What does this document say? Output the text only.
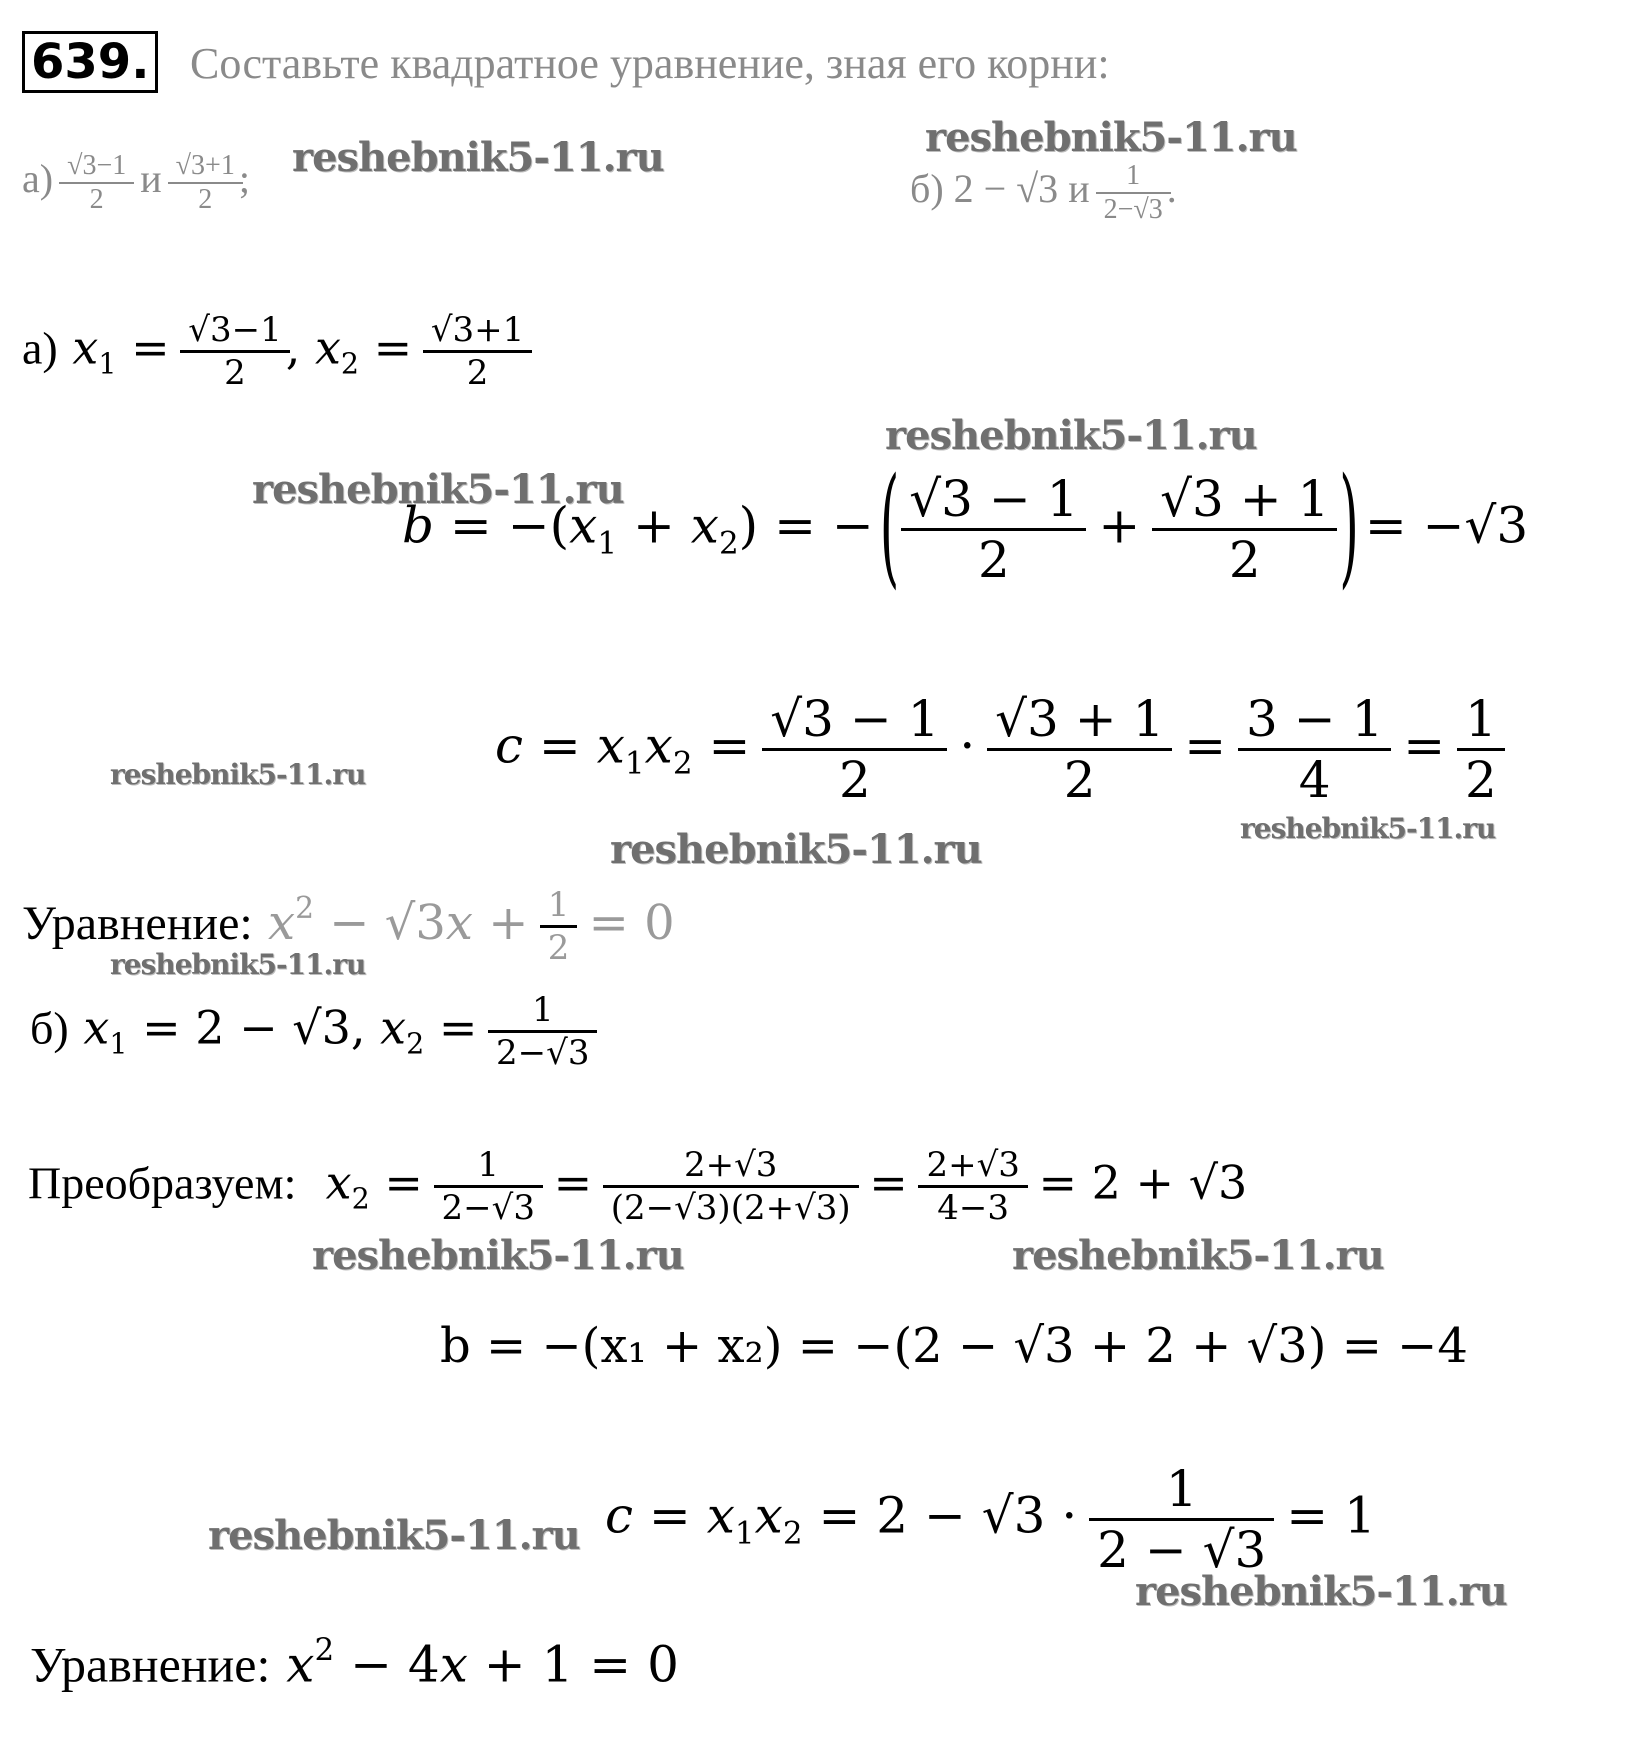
639. Составьте квадратное уравнение, зная его корни:
$а) \frac{√3-1}{2}$ и $\frac{√3+1}{2}$ ;	б) 2 − √3 и $\frac{1}{2-√3}$ .
reshebnik5-11.ru	reshebnik5-11.ru
reshebnik5-11.ru
reshebnik5-11.ru
reshebnik5-11.ru
reshebnik5-11.ru
reshebnik5-11.ru
reshebnik5-11.ru
reshebnik5-11.ru	reshebnik5-11.ru
reshebnik5-11.ru
reshebnik5-11.ru
а) $x_1 = \frac{√3-1}{2}$ , $x_2 = \frac{√3+1}{2}$
$b = -(x_1 + x_2)$ = − ( $\frac{√3 - 1}{2} + \frac{√3 + 1}{2}$ ) = −√3
$c = x_1x_2 = \frac{√3 - 1}{2} \cdot \frac{√3 + 1}{2} = \frac{3 - 1}{4} = \frac{1}{2}$
Уравнение: $x^2 - √3x + \frac{1}{2} = 0$
б) $x_1 = 2 - √3$, $x_2 = \frac{1}{2-√3}$
Преобразуем: $x_2 = \frac{1}{2-√3} = \frac{2+√3}{(2-√3)(2+√3)} = \frac{2+√3}{4-3} = 2 + √3$
b = −(x₁ + x₂) = −(2 − √3 + 2 + √3) = −4
$c = x_1x_2 = 2 - √3 \cdot \frac{1}{2 - √3} = 1$
Уравнение: $x^2 - 4x + 1 = 0$
